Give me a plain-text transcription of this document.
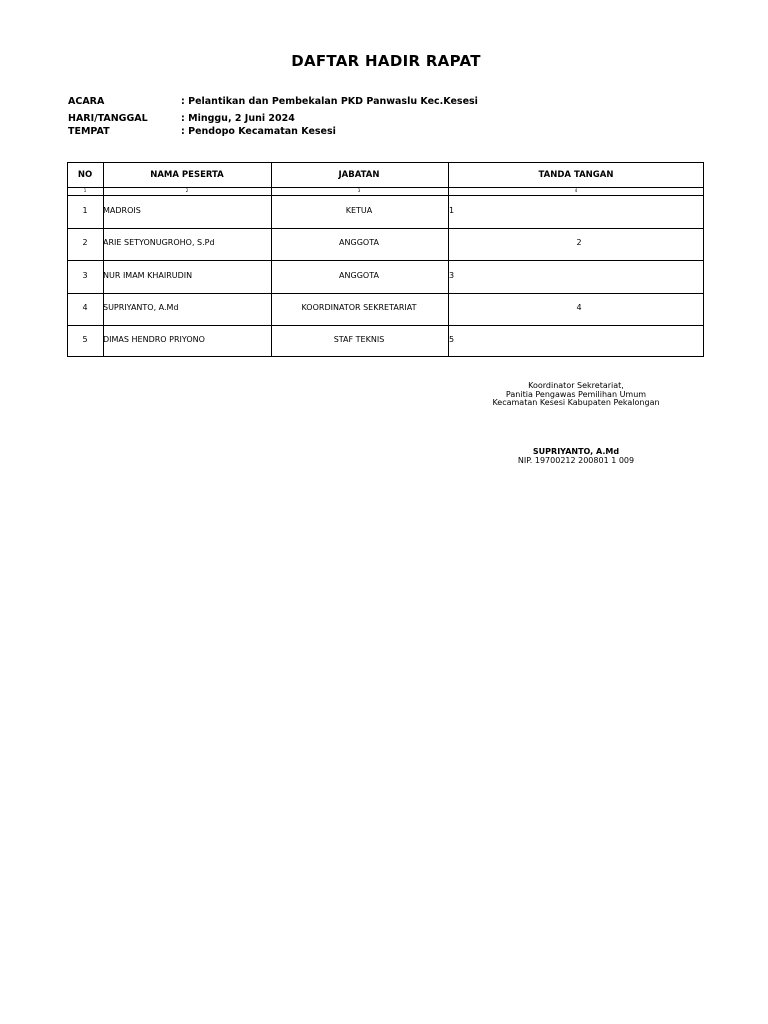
DAFTAR HADIR RAPAT
ACARA	: Pelantikan dan Pembekalan PKD Panwaslu Kec.Kesesi
HARI/TANGGAL	: Minggu, 2 Juni 2024
TEMPAT	: Pendopo Kecamatan Kesesi
NO	NAMA PESERTA	JABATAN	TANDA TANGAN
1	2	3	4
1 MADROIS	KETUA	1
2 ARIE SETYONUGROHO, S.Pd	ANGGOTA	2
3 NUR IMAM KHAIRUDIN	ANGGOTA	3
4 SUPRIYANTO, A.Md	KOORDINATOR SEKRETARIAT	4
5 DIMAS HENDRO PRIYONO	STAF TEKNIS	5
Koordinator Sekretariat,
Panitia Pengawas Pemilihan Umum
Kecamatan Kesesi Kabupaten Pekalongan
SUPRIYANTO, A.Md
NIP. 19700212 200801 1 009
